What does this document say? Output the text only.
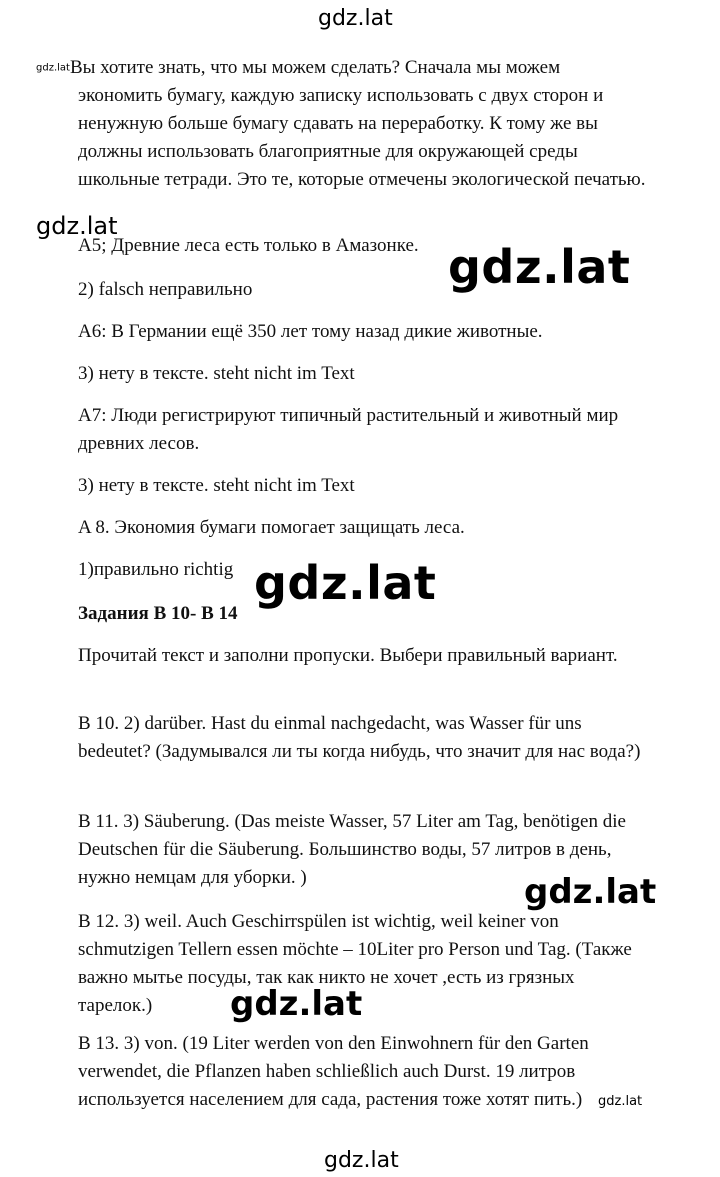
gdz.lat
gdz.latВы хотите знать, что мы можем сделать? Сначала мы можем

экономить бумагу, каждую записку использовать с двух сторон и ненужную больше бумагу сдавать на переработку. К тому же вы должны использовать благоприятные для окружающей среды школьные тетради. Это те, которые отмечены экологической печатью.

gdz.lat

A5; Древние леса есть только в Амазонке. gdz.lat

2) falsch неправильно

A6: В Германии ещё 350 лет тому назад дикие животные.

3) нету в тексте. steht nicht im Text

A7: Люди регистрируют типичный растительный и животный мир древних лесов.

3) нету в тексте. steht nicht im Text

A 8. Экономия бумаги помогает защищать леса.

1)правильно richtig gdz.lat

Задания B 10- B 14

Прочитай текст и заполни пропуски. Выбери правильный вариант.

B 10. 2) darüber. Hast du einmal nachgedacht, was Wasser für uns bedeutet? (Задумывался ли ты когда нибудь, что значит для нас вода?)

B 11. 3) Säuberung. (Das meiste Wasser, 57 Liter am Tag, benötigen die Deutschen für die Säuberung. Большинство воды, 57 литров в день, нужно немцам для уборки. )	gdz.lat

B 12. 3) weil. Auch Geschirrspülen ist wichtig, weil keiner von schmutzigen Tellern essen möchte – 10Liter pro Person und Tag. (Также важно мытье посуды, так как никто не хочет ,есть из грязных тарелок.)	gdz.lat

B 13. 3) von. (19 Liter werden von den Einwohnern für den Garten verwendet, die Pflanzen haben schließlich auch Durst. 19 литров используется населением для сада, растения тоже хотят пить.)	gdz.lat
gdz.lat
